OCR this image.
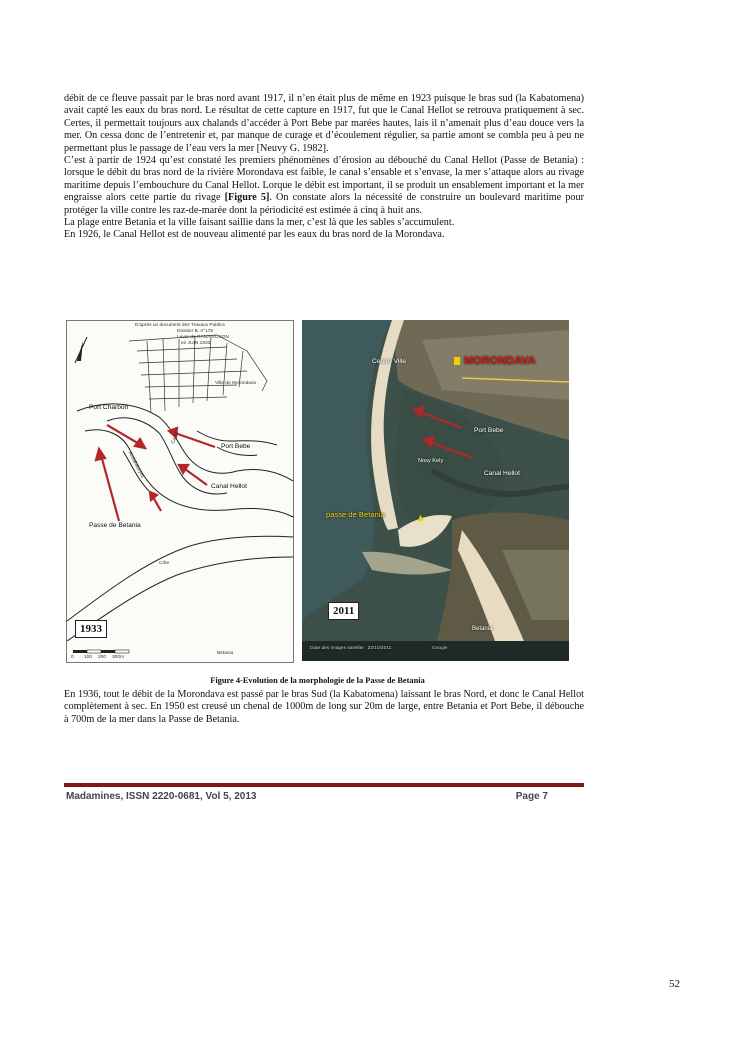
débit de ce fleuve passait par le bras nord avant 1917, il n’en était plus de même en 1923 puisque le bras sud (la Kabatomena) avait capté les eaux du bras nord. Le résultat de cette capture en 1917, fut que le Canal Hellot se retrouva pratiquement à sec. Certes, il permettait toujours aux chalands d’accéder à Port Bebe par marées hautes, lais il n’amenait plus d’eau douce vers la mer. On cessa donc de l’entretenir et, par manque de curage et d’écoulement régulier, sa partie amont se combla peu à peu ne permettant plus le passage de l’eau vers la mer [Neuvy G. 1982].

C’est à partir de 1924 qu’est constaté les premiers phénomènes d’érosion au débouché du Canal Hellot (Passe de Betania) : lorsque le débit du bras nord de la rivière Morondava est faible, le canal s’ensable et s’envase, la mer s’attaque alors au rivage maritime depuis l’embouchure du Canal Hellot. Lorque le débit est important, il se produit un ensablement important et la mer engraisse alors cette partie du rivage [Figure 5]. On constate alors la nécessité de construire un boulevard maritime pour protéger la ville contre les raz-de-marée dont la périodicité est estimée à cinq à huit ans.

La plage entre Betania et la ville faisant saillie dans la mer, c’est là que les sables s’accumulent.

En 1926, le Canal Hellot est de nouveau alimenté par les eaux du bras nord de la Morondava.

D’après un document des Travaux Publics
Dossier B. n°175
Lever de RANAIVOSON
en JUIN 1933
Ville de Morondava
Port Charbon
Port Bebe
Canal Hellot
Passe de Betania
Andakabeyes
Canal
Côte
Betania
0 100 200 300m
1933
Centre Ville	MORONDAVA
Port Bebe
Canal Hellot
Nosy Kely
passe de Betania
Betania
Date des images satellite : 22/10/2011	Google
2011
Figure 4-Evolution de la morphologie de la Passe de Betania

En 1936, tout le débit de la Morondava est passé par le bras Sud (la Kabatomena) laissant le bras Nord, et donc le Canal Hellot complètement à sec. En 1950 est creusé un chenal de 1000m de long sur 20m de large, entre Betania et Port Bebe, il débouche à 700m de la mer dans la Passe de Betania.

Madamines, ISSN 2220-0681, Vol 5, 2013	Page 7
52
